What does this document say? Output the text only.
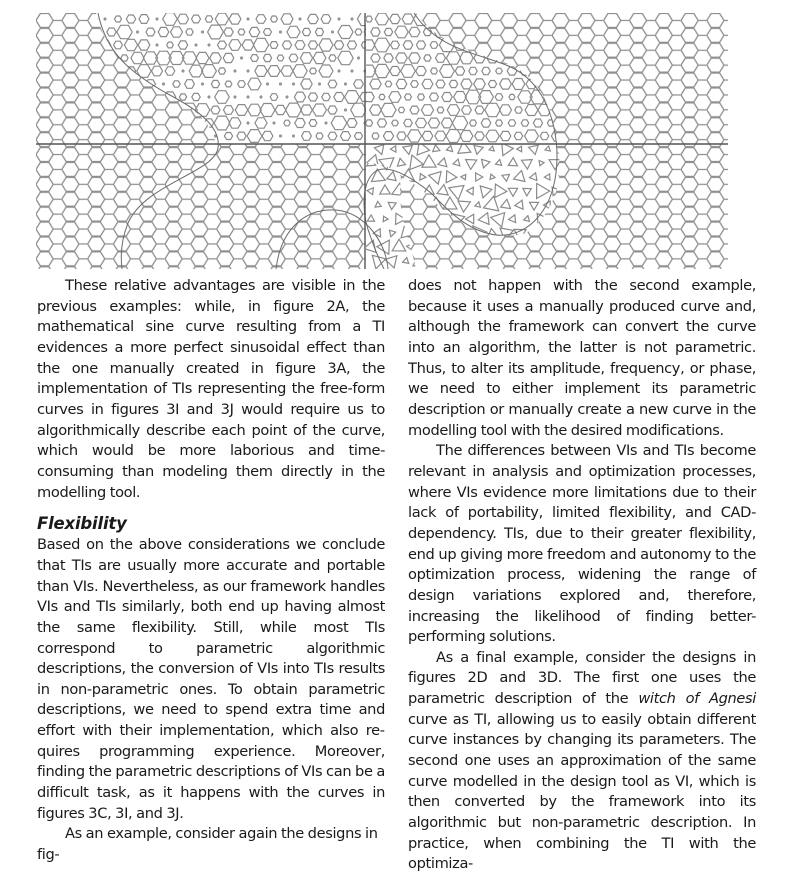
These relative advantages are visible in the previous examples: while, in figure 2A, the mathematical sine curve resulting from a TI evidences a more perfect sinusoidal effect than the one manually created in figure 3A, the implementation of TIs representing the free-form curves in figures 3I and 3J would require us to algorithmically describe each point of the curve, which would be more laborious and time-consuming than modeling them directly in the modelling tool.

Flexibility

Based on the above considerations we conclude that TIs are usually more accurate and portable than VIs. Nevertheless, as our framework handles VIs and TIs similarly, both end up having almost the same flexibility. Still, while most TIs correspond to parametric algorithmic descriptions, the conversion of VIs into TIs results in non-parametric ones. To obtain parametric descriptions, we need to spend extra time and effort with their implementation, which also requires programming experience. Moreover, finding the parametric descriptions of VIs can be a difficult task, as it happens with the curves in figures 3C, 3I, and 3J.

As an example, consider again the designs in fig-

does not happen with the second example, because it uses a manually produced curve and, although the framework can convert the curve into an algorithm, the latter is not parametric. Thus, to alter its amplitude, frequency, or phase, we need to either implement its parametric description or manually create a new curve in the modelling tool with the desired modifications.

The differences between VIs and TIs become relevant in analysis and optimization processes, where VIs evidence more limitations due to their lack of portability, limited flexibility, and CAD-dependency. TIs, due to their greater flexibility, end up giving more freedom and autonomy to the optimization process, widening the range of design variations explored and, therefore, increasing the likelihood of finding better-performing solutions.

As a final example, consider the designs in figures 2D and 3D. The first one uses the parametric description of the witch of Agnesi curve as TI, allowing us to easily obtain different curve instances by changing its parameters. The second one uses an approximation of the same curve modelled in the design tool as VI, which is then converted by the framework into its algorithmic but non-parametric description. In practice, when combining the TI with the optimiza-
